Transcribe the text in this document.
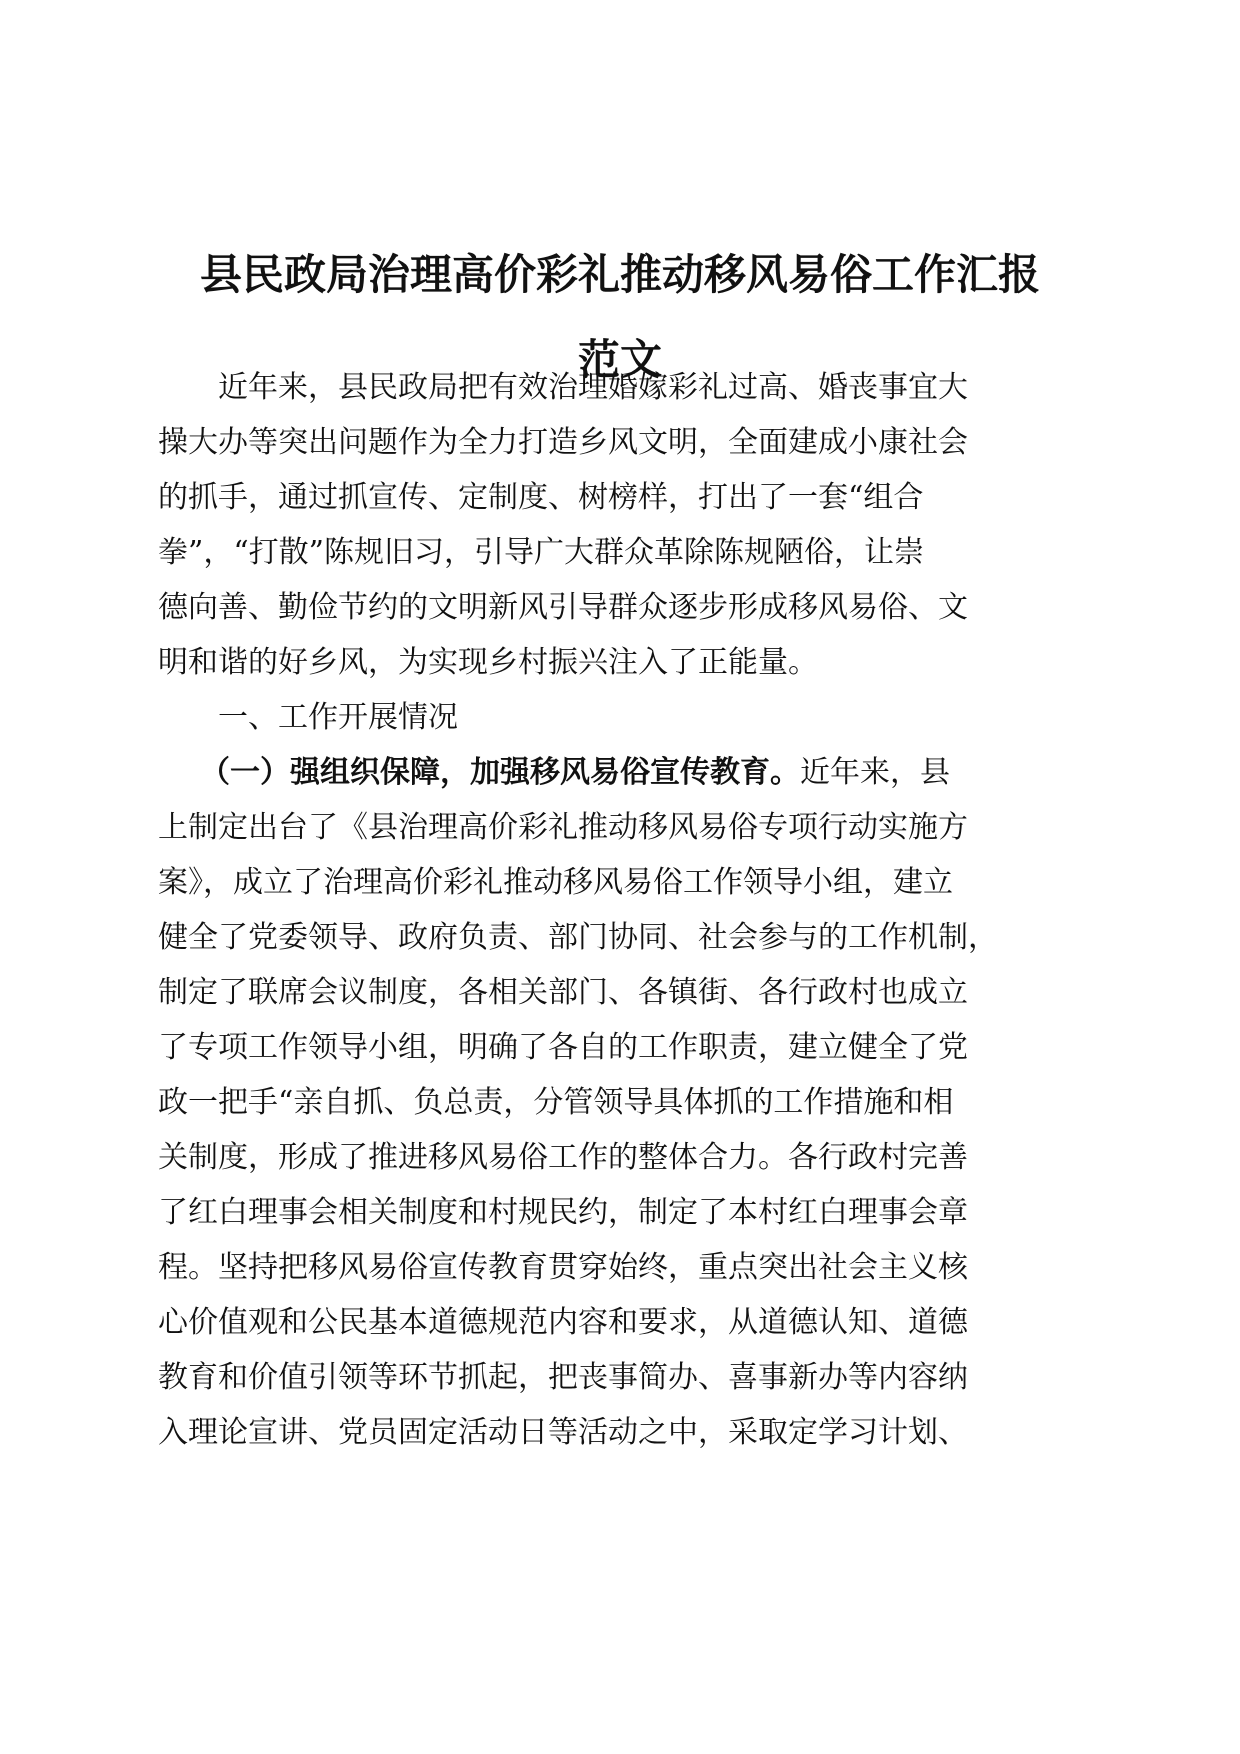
县民政局治理高价彩礼推动移风易俗工作汇报
范文

近年来，县民政局把有效治理婚嫁彩礼过高、婚丧事宜大

操大办等突出问题作为全力打造乡风文明，全面建成小康社会

的抓手，通过抓宣传、定制度、树榜样，打出了一套“组合

拳”，“打散”陈规旧习，引导广大群众革除陈规陋俗，让崇

德向善、勤俭节约的文明新风引导群众逐步形成移风易俗、文

明和谐的好乡风，为实现乡村振兴注入了正能量。

一、工作开展情况

（一）强组织保障，加强移风易俗宣传教育。近年来，县

上制定出台了《县治理高价彩礼推动移风易俗专项行动实施方

案》，成立了治理高价彩礼推动移风易俗工作领导小组，建立

健全了党委领导、政府负责、部门协同、社会参与的工作机制，

制定了联席会议制度，各相关部门、各镇街、各行政村也成立

了专项工作领导小组，明确了各自的工作职责，建立健全了党

政一把手“亲自抓、负总责，分管领导具体抓的工作措施和相

关制度，形成了推进移风易俗工作的整体合力。各行政村完善

了红白理事会相关制度和村规民约，制定了本村红白理事会章

程。坚持把移风易俗宣传教育贯穿始终，重点突出社会主义核

心价值观和公民基本道德规范内容和要求，从道德认知、道德

教育和价值引领等环节抓起，把丧事简办、喜事新办等内容纳

入理论宣讲、党员固定活动日等活动之中，采取定学习计划、
